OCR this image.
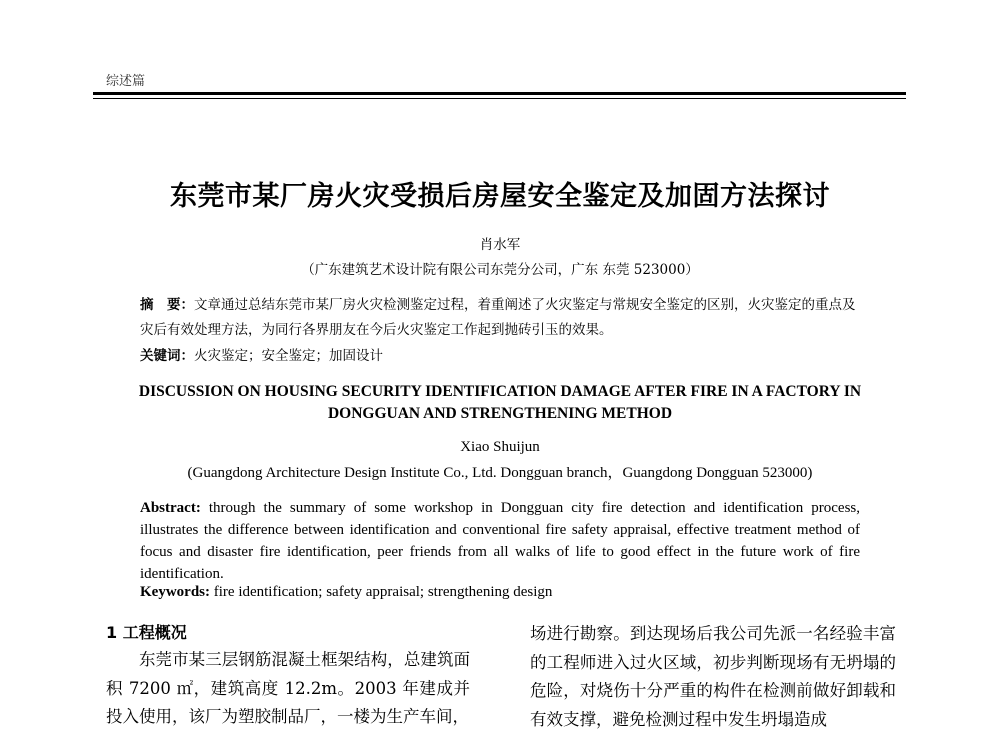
综述篇
东莞市某厂房火灾受损后房屋安全鉴定及加固方法探讨
肖水军
（广东建筑艺术设计院有限公司东莞分公司，广东 东莞 523000）
摘　要：文章通过总结东莞市某厂房火灾检测鉴定过程，着重阐述了火灾鉴定与常规安全鉴定的区别，火灾鉴定的重点及灾后有效处理方法，为同行各界朋友在今后火灾鉴定工作起到抛砖引玉的效果。
关键词：火灾鉴定；安全鉴定；加固设计
DISCUSSION ON HOUSING SECURITY IDENTIFICATION DAMAGE AFTER FIRE IN A FACTORY IN DONGGUAN AND STRENGTHENING METHOD
Xiao Shuijun
(Guangdong Architecture Design Institute Co., Ltd. Dongguan branch，Guangdong Dongguan 523000)
Abstract: through the summary of some workshop in Dongguan city fire detection and identification process, illustrates the difference between identification and conventional fire safety appraisal, effective treatment method of focus and disaster fire identification, peer friends from all walks of life to good effect in the future work of fire identification.
Keywords: fire identification; safety appraisal; strengthening design
1 工程概况

东莞市某三层钢筋混凝土框架结构，总建筑面积 7200 ㎡，建筑高度 12.2m。2003 年建成并投入使用，该厂为塑胶制品厂，一楼为生产车间，

场进行勘察。到达现场后我公司先派一名经验丰富的工程师进入过火区域，初步判断现场有无坍塌的危险，对烧伤十分严重的构件在检测前做好卸载和有效支撑，避免检测过程中发生坍塌造成
